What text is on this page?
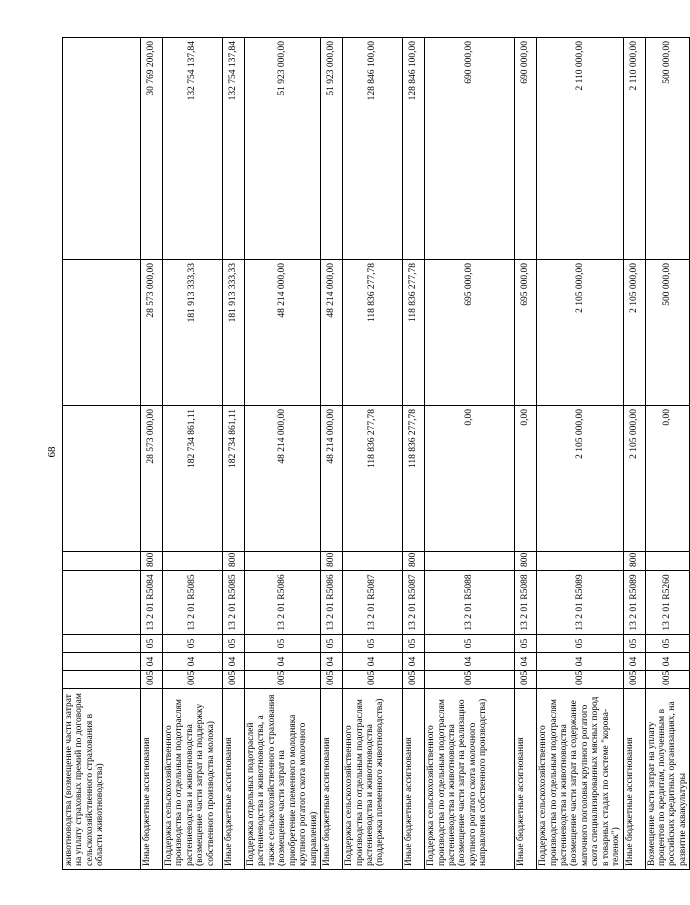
68
животноводства (возмещение части затрат на уплату страховых премий по договорам сельскохозяйственного страхования в области животноводства)								
Иные бюджетные ассигнования	005	04	05	13 2 01 R5084	800	28 573 000,00	28 573 000,00	30 769 200,00
Поддержка сельскохозяйственного производства по отдельным подотраслям растениеводства и животноводства (возмещение части затрат на поддержку собственного производства молока)	005	04	05	13 2 01 R5085		182 734 861,11	181 913 333,33	132 754 137,84
Иные бюджетные ассигнования	005	04	05	13 2 01 R5085	800	182 734 861,11	181 913 333,33	132 754 137,84
Поддержка отдельных подотраслей растениеводства и животноводства, а также сельскохозяйственного страхования (возмещение части затрат на приобретение племенного молодняка крупного рогатого скота молочного направления)	005	04	05	13 2 01 R5086		48 214 000,00	48 214 000,00	51 923 000,00
Иные бюджетные ассигнования	005	04	05	13 2 01 R5086	800	48 214 000,00	48 214 000,00	51 923 000,00
Поддержка сельскохозяйственного производства по отдельным подотраслям растениеводства и животноводства (поддержка племенного животноводства)	005	04	05	13 2 01 R5087		118 836 277,78	118 836 277,78	128 846 100,00
Иные бюджетные ассигнования	005	04	05	13 2 01 R5087	800	118 836 277,78	118 836 277,78	128 846 100,00
Поддержка сельскохозяйственного производства по отдельным подотраслям растениеводства и животноводства (возмещение части затрат на реализацию крупного рогатого скота молочного направления собственного производства)	005	04	05	13 2 01 R5088		0,00	695 000,00	690 000,00
Иные бюджетные ассигнования	005	04	05	13 2 01 R5088	800	0,00	695 000,00	690 000,00
Поддержка сельскохозяйственного производства по отдельным подотраслям растениеводства и животноводства (возмещение части затрат на содержание маточного поголовья крупного рогатого скота специализированных мясных пород в товарных стадах по системе "корова-теленок")	005	04	05	13 2 01 R5089		2 105 000,00	2 105 000,00	2 110 000,00
Иные бюджетные ассигнования	005	04	05	13 2 01 R5089	800	2 105 000,00	2 105 000,00	2 110 000,00
Возмещение части затрат на уплату процентов по кредитам, полученным в российских кредитных организациях, на развитие аквакультуры	005	04	05	13 2 01 R5260		0,00	500 000,00	500 000,00
